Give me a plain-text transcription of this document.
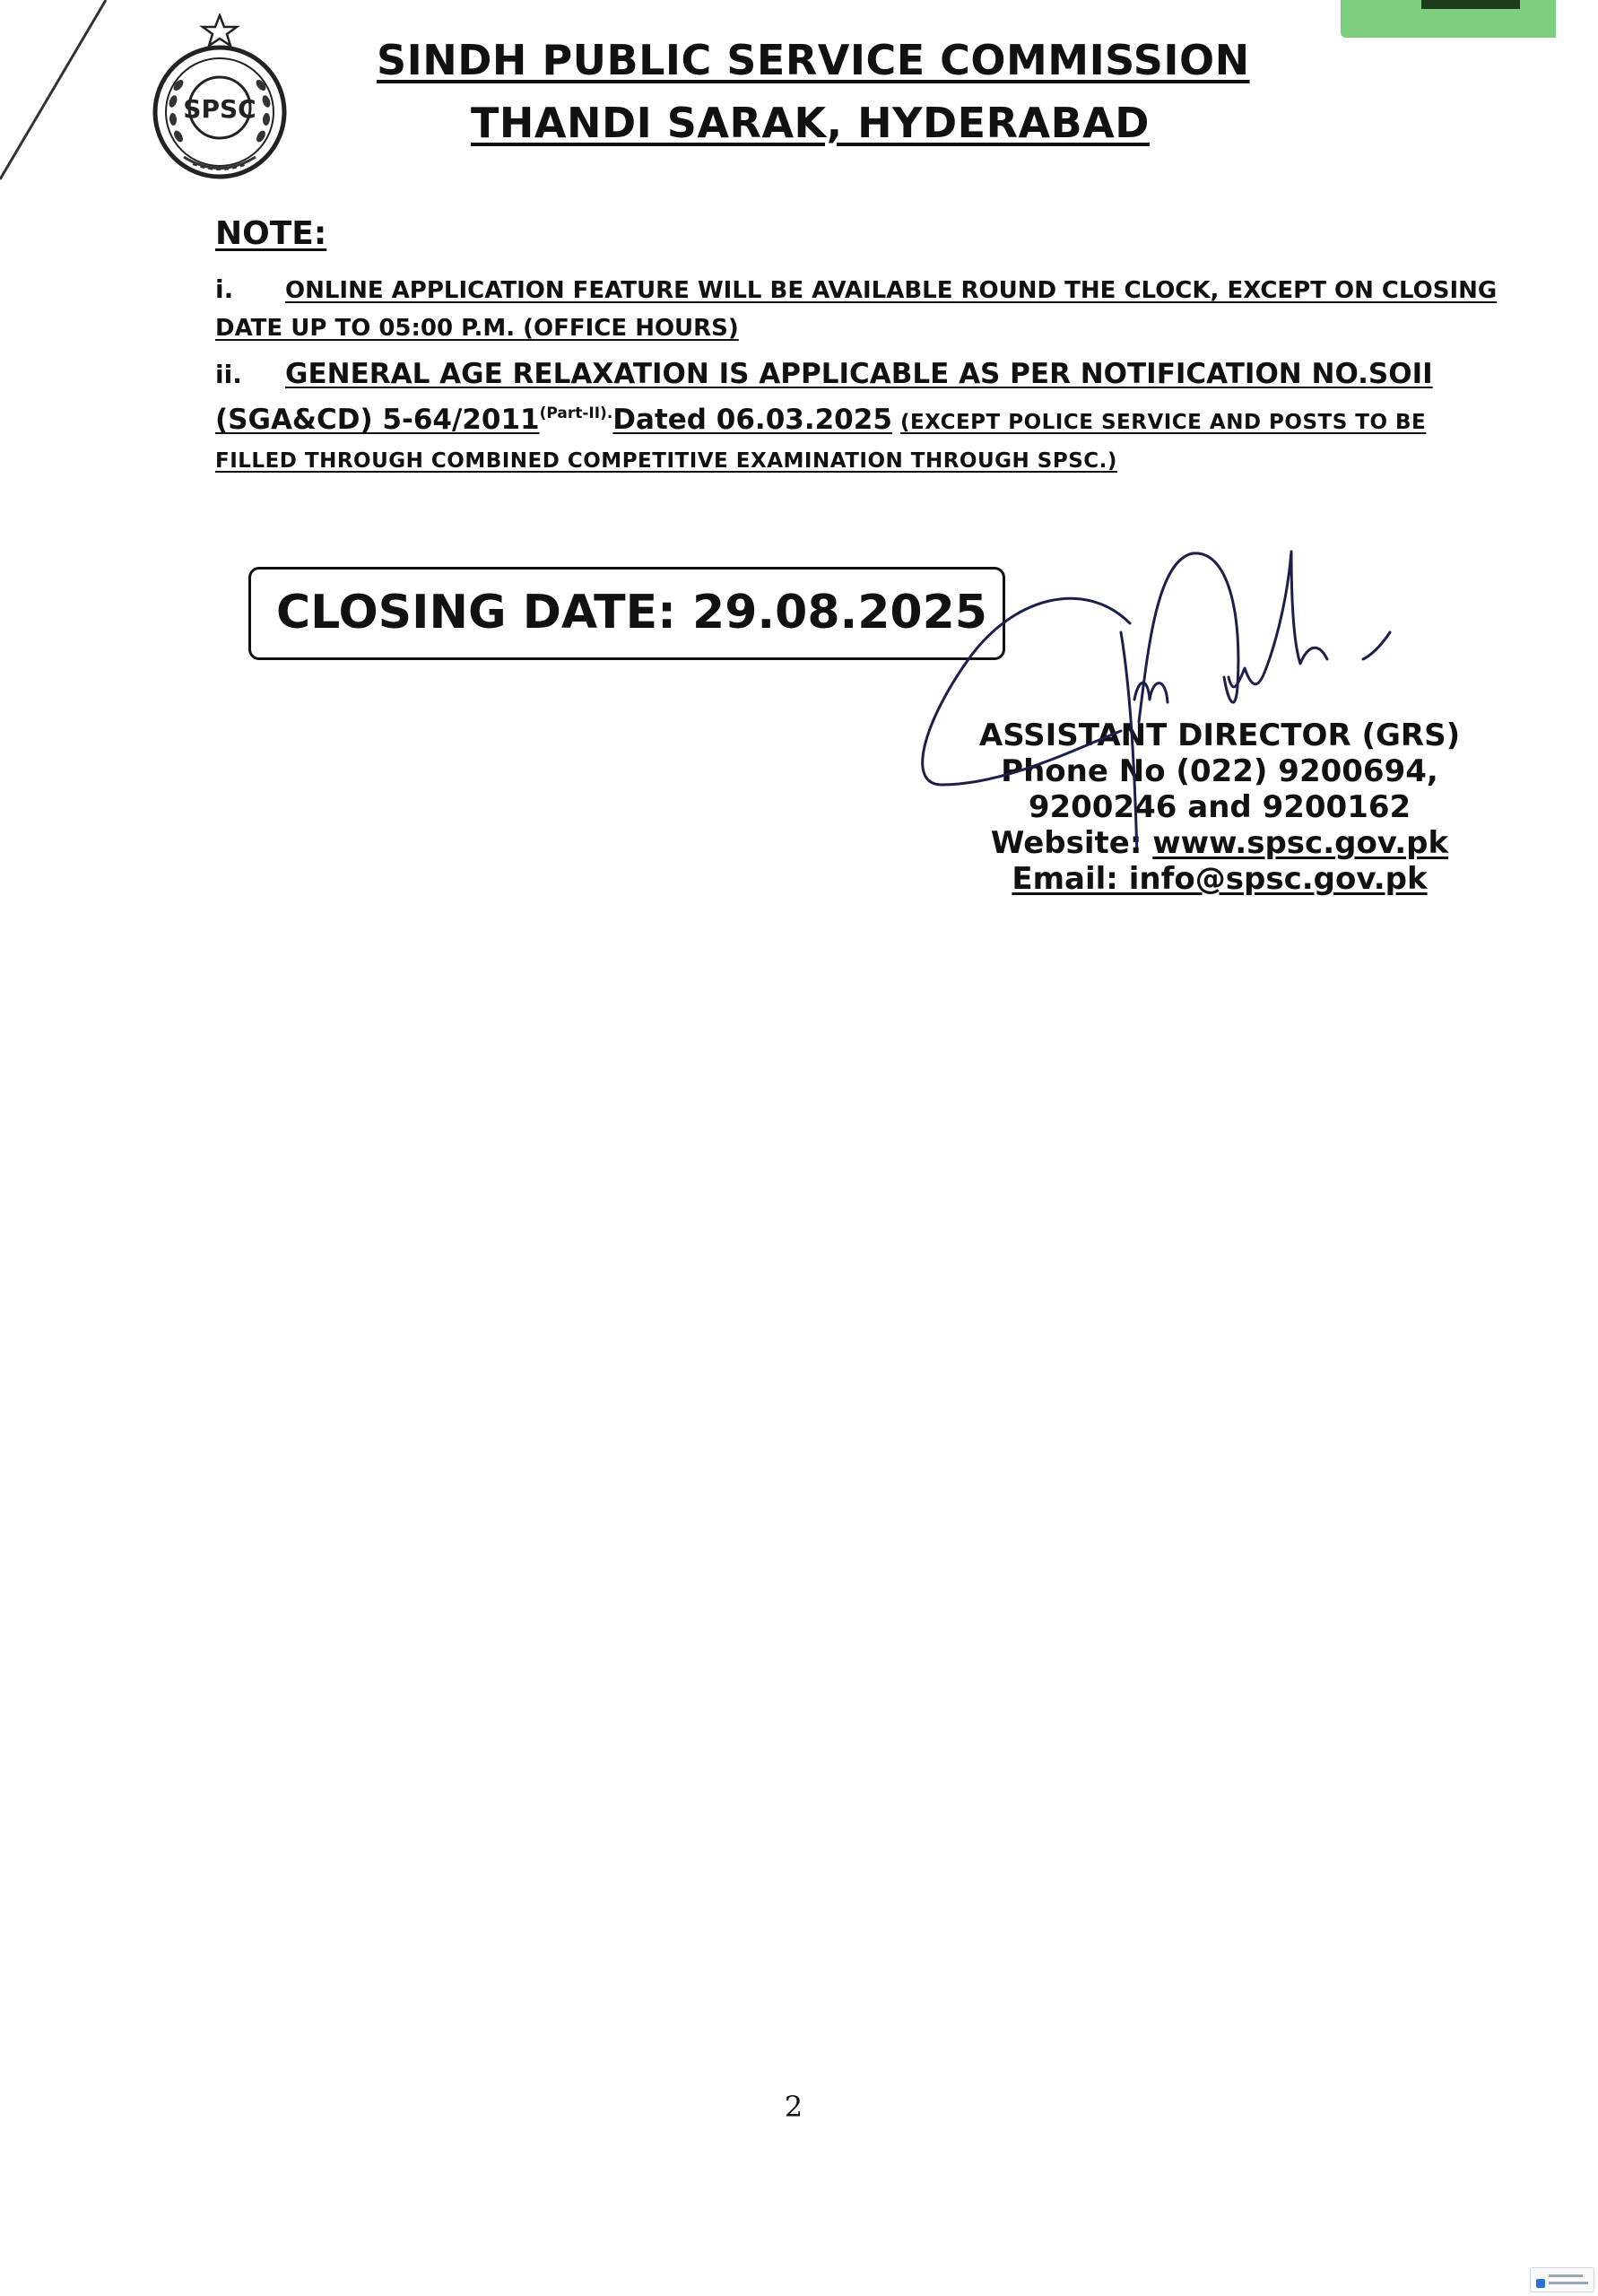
SPSC
SINDH PUBLIC SERVICE COMMISSION
THANDI SARAK, HYDERABAD
NOTE:
i. ONLINE APPLICATION FEATURE WILL BE AVAILABLE ROUND THE CLOCK, EXCEPT ON CLOSING DATE UP TO 05:00 P.M. (OFFICE HOURS)
ii. GENERAL AGE RELAXATION IS APPLICABLE AS PER NOTIFICATION NO.SOII (SGA&CD) $5-64/2011^{(Part-II).}Dated$ 06.03.2025 (EXCEPT POLICE SERVICE AND POSTS TO BE FILLED THROUGH COMBINED COMPETITIVE EXAMINATION THROUGH SPSC.)
CLOSING DATE: 29.08.2025
ASSISTANT DIRECTOR (GRS)
Phone No (022) 9200694,
9200246 and 9200162
Website: www.spsc.gov.pk
Email: info@spsc.gov.pk
2
